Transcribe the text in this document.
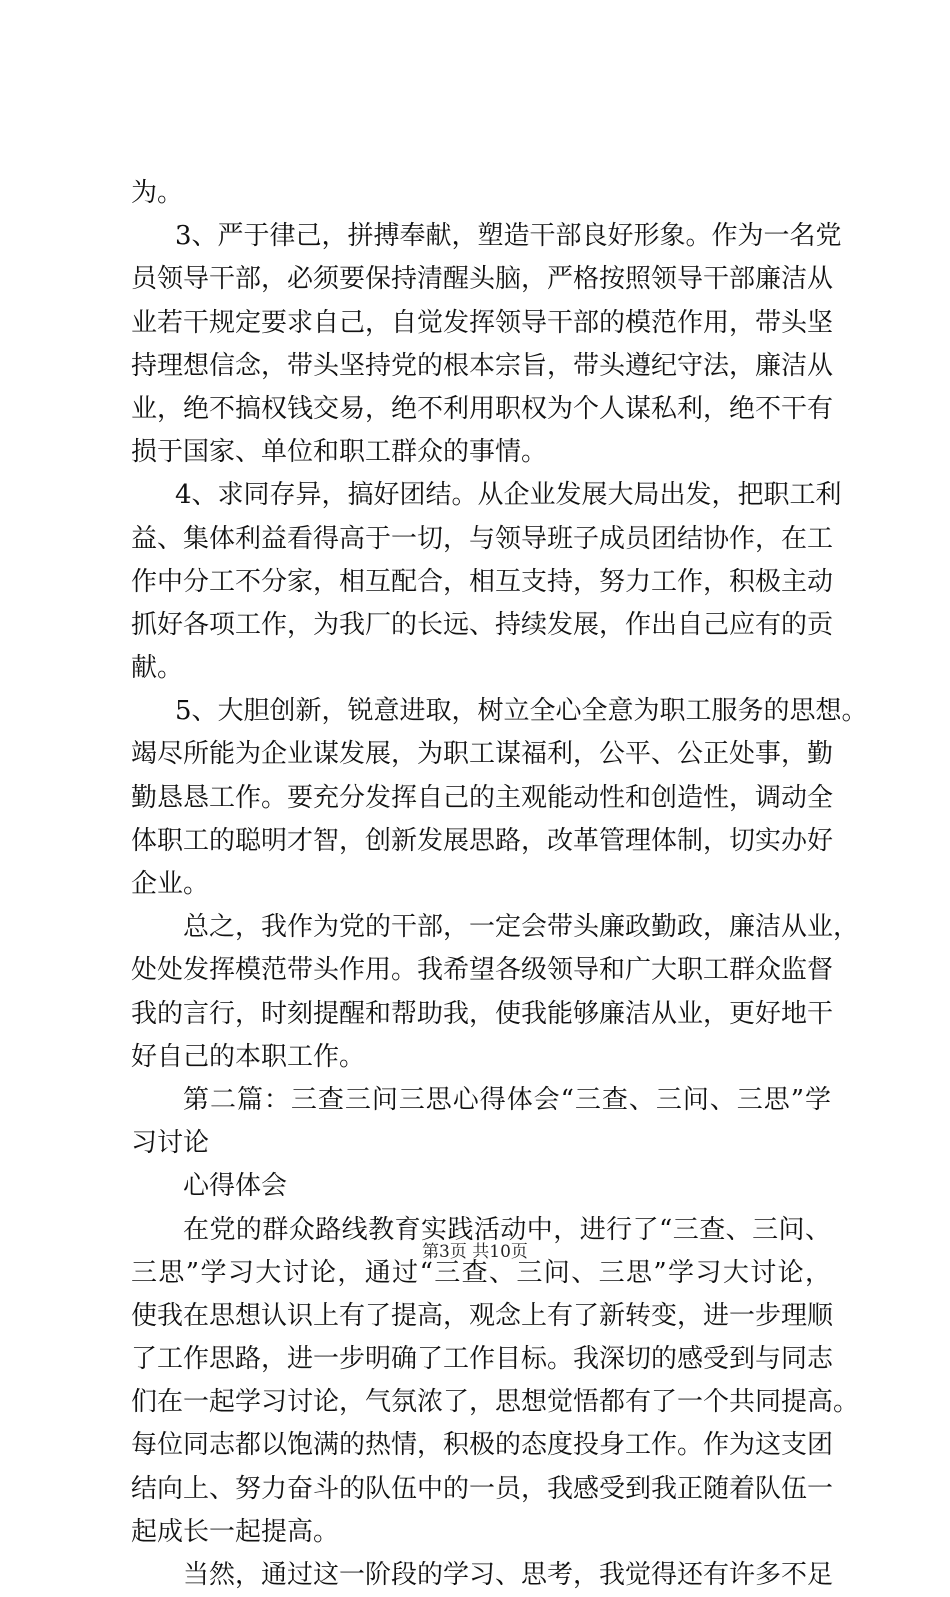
为。
3、严于律己，拼搏奉献，塑造干部良好形象。作为一名党
员领导干部，必须要保持清醒头脑，严格按照领导干部廉洁从
业若干规定要求自己，自觉发挥领导干部的模范作用，带头坚
持理想信念，带头坚持党的根本宗旨，带头遵纪守法，廉洁从
业，绝不搞权钱交易，绝不利用职权为个人谋私利，绝不干有
损于国家、单位和职工群众的事情。
4、求同存异，搞好团结。从企业发展大局出发，把职工利
益、集体利益看得高于一切，与领导班子成员团结协作，在工
作中分工不分家，相互配合，相互支持，努力工作，积极主动
抓好各项工作，为我厂的长远、持续发展，作出自己应有的贡
献。
5、大胆创新，锐意进取，树立全心全意为职工服务的思想。
竭尽所能为企业谋发展，为职工谋福利，公平、公正处事，勤
勤恳恳工作。要充分发挥自己的主观能动性和创造性，调动全
体职工的聪明才智，创新发展思路，改革管理体制，切实办好
企业。
总之，我作为党的干部，一定会带头廉政勤政，廉洁从业，
处处发挥模范带头作用。我希望各级领导和广大职工群众监督
我的言行，时刻提醒和帮助我，使我能够廉洁从业，更好地干
好自己的本职工作。
第二篇：三查三问三思心得体会“三查、三问、三思”学
习讨论
心得体会
在党的群众路线教育实践活动中，进行了“三查、三问、
三思”学习大讨论，通过“三查、三问、三思”学习大讨论，
使我在思想认识上有了提高，观念上有了新转变，进一步理顺
了工作思路，进一步明确了工作目标。我深切的感受到与同志
们在一起学习讨论，气氛浓了，思想觉悟都有了一个共同提高。
每位同志都以饱满的热情，积极的态度投身工作。作为这支团
结向上、努力奋斗的队伍中的一员，我感受到我正随着队伍一
起成长一起提高。
当然，通过这一阶段的学习、思考，我觉得还有许多不足
第3页 共10页
